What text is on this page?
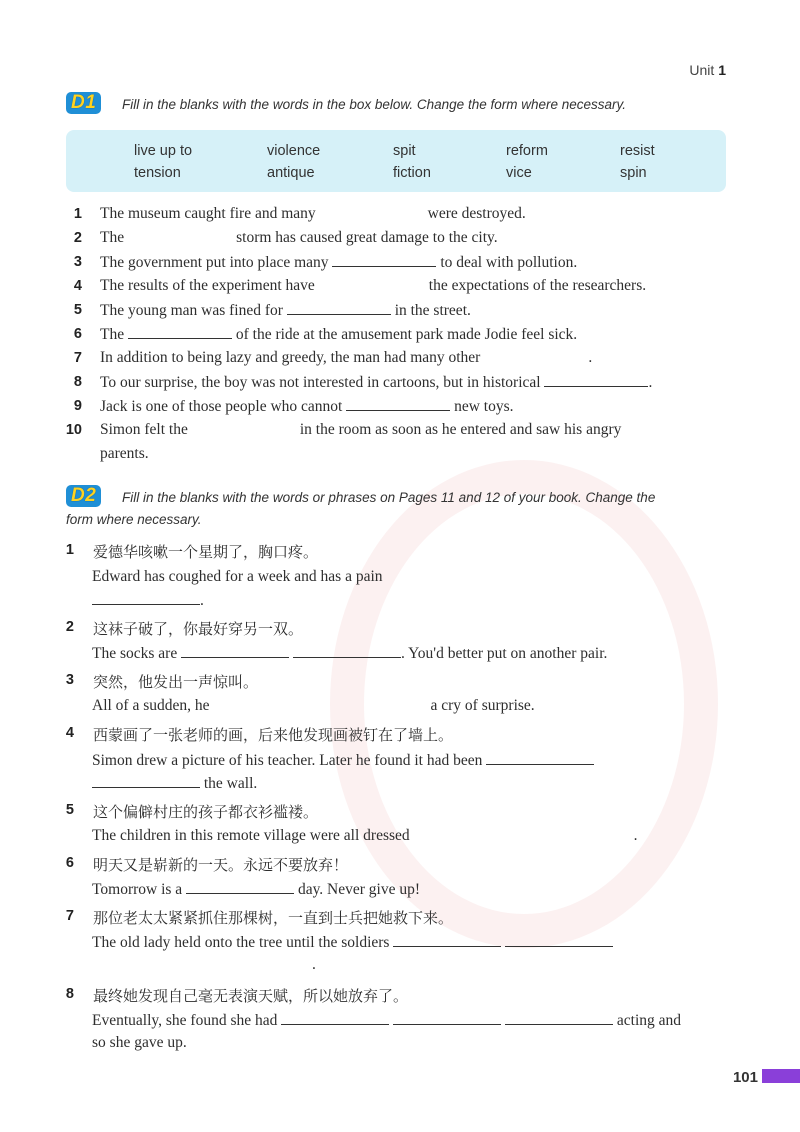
Unit 1
D1	Fill in the blanks with the words in the box below. Change the form where necessary.
live up to	violence	spit	reform	resist
tension	antique	fiction	vice	spin
1 The museum caught fire and many	were destroyed.
2 The	storm has caused great damage to the city.
3 The government put into place many	to deal with pollution.
4 The results of the experiment have	the expectations of the researchers.
5 The young man was fined for	in the street.
6 The	of the ride at the amusement park made Jodie feel sick.
7 In addition to being lazy and greedy, the man had many other	.
8 To our surprise, the boy was not interested in cartoons, but in historical	.
9 Jack is one of those people who cannot	new toys.
10 Simon felt the	in the room as soon as he entered and saw his angry
parents.
D2	Fill in the blanks with the words or phrases on Pages 11 and 12 of your book. Change the
form where necessary.
1 爱德华咳嗽一个星期了，胸口疼。
Edward has coughed for a week and has a pain
.
2 这袜子破了，你最好穿另一双。
The socks are	. You'd better put on another pair.
3 突然，他发出一声惊叫。
All of a sudden, he	a cry of surprise.
4 西蒙画了一张老师的画，后来他发现画被钉在了墙上。
Simon drew a picture of his teacher. Later he found it had been
the wall.
5 这个偏僻村庄的孩子都衣衫褴褛。
The children in this remote village were all dressed	.
6 明天又是崭新的一天。永远不要放弃！
Tomorrow is a	day. Never give up!
7 那位老太太紧紧抓住那棵树，一直到士兵把她救下来。
The old lady held onto the tree until the soldiers
.
8 最终她发现自己毫无表演天赋，所以她放弃了。
Eventually, she found she had	acting and
so she gave up.
101
